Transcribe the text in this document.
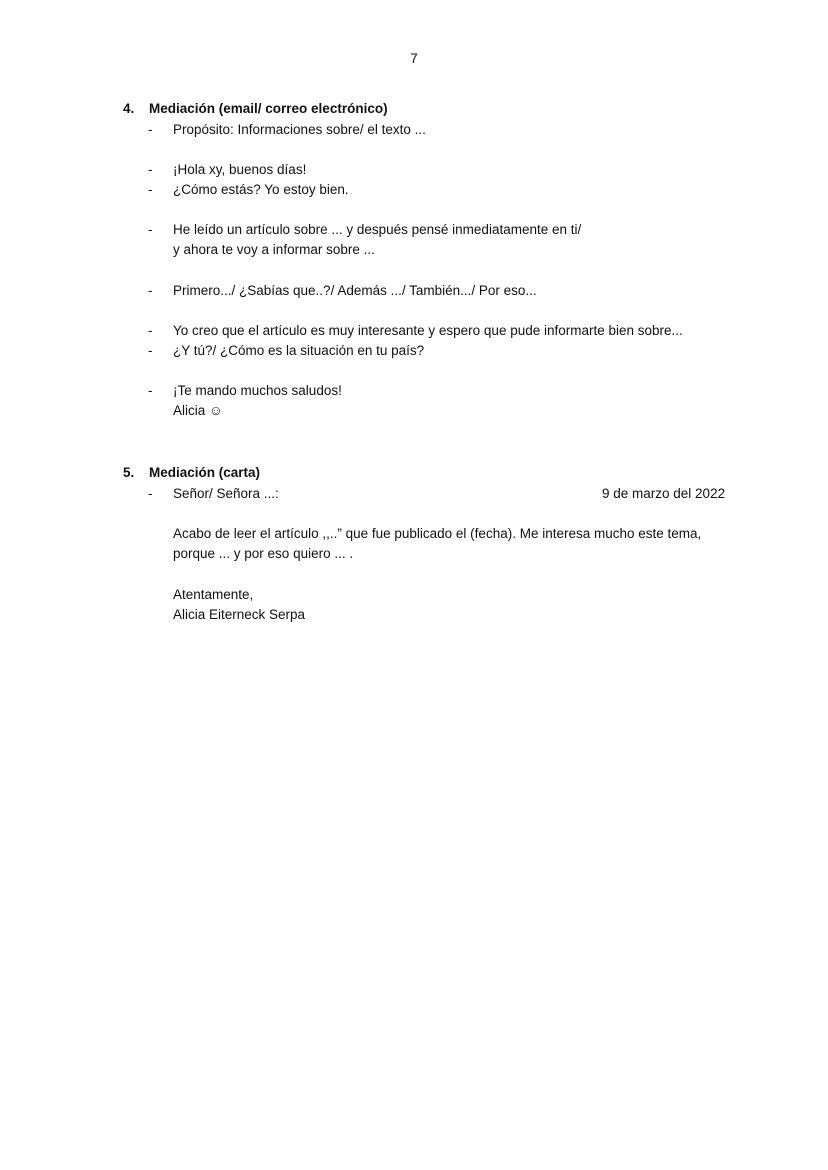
7
4. Mediación (email/ correo electrónico)
- Propósito: Informaciones sobre/ el texto ...
- ¡Hola xy, buenos días!
- ¿Cómo estás? Yo estoy bien.
- He leído un artículo sobre ... y después pensé inmediatamente en ti/
y ahora te voy a informar sobre ...
- Primero.../ ¿Sabías que..?/ Además .../ También.../ Por eso...
- Yo creo que el artículo es muy interesante y espero que pude informarte bien sobre...
- ¿Y tú?/ ¿Cómo es la situación en tu país?
- ¡Te mando muchos saludos!
Alicia ☺
5. Mediación (carta)
- Señor/ Señora ...:	9 de marzo del 2022
Acabo de leer el artículo ,,..” que fue publicado el (fecha). Me interesa mucho este tema,
porque ... y por eso quiero ... .
Atentamente,
Alicia Eiterneck Serpa
